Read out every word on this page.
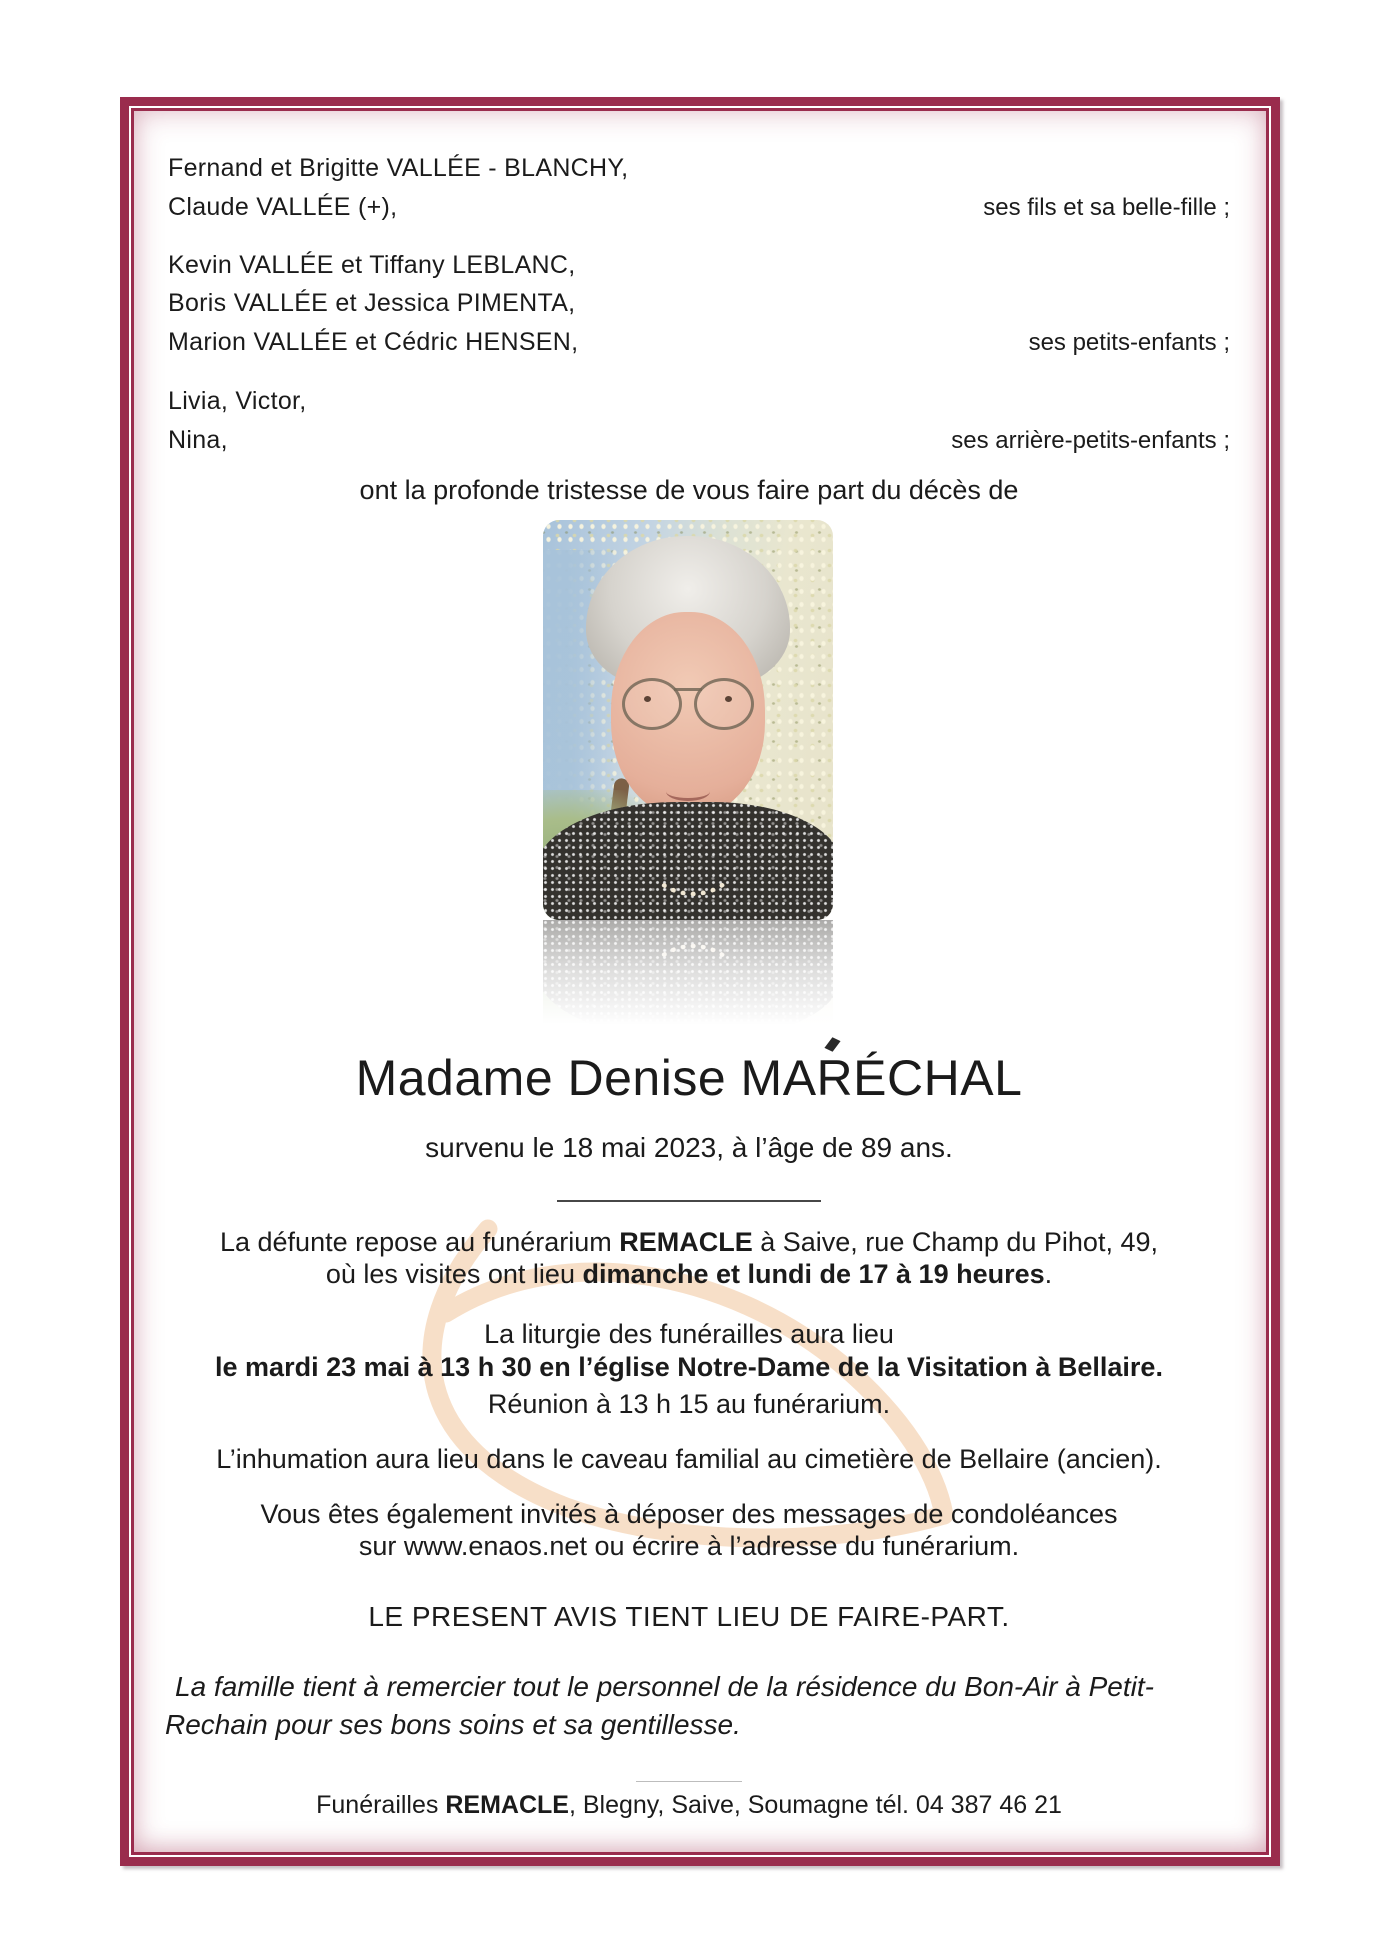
Fernand et Brigitte VALLÉE - BLANCHY,
Claude VALLÉE (+),	ses fils et sa belle-fille ;
Kevin VALLÉE et Tiffany LEBLANC,
Boris VALLÉE et Jessica PIMENTA,
Marion VALLÉE et Cédric HENSEN,	ses petits-enfants ;
Livia, Victor,
Nina,	ses arrière-petits-enfants ;
ont la profonde tristesse de vous faire part du décès de
Madame Denise MARÉCHAL
survenu le 18 mai 2023, à l’âge de 89 ans.
La défunte repose au funérarium REMACLE à Saive, rue Champ du Pihot, 49,
où les visites ont lieu dimanche et lundi de 17 à 19 heures.
La liturgie des funérailles aura lieu
le mardi 23 mai à 13 h 30 en l’église Notre-Dame de la Visitation à Bellaire.
Réunion à 13 h 15 au funérarium.
L’inhumation aura lieu dans le caveau familial au cimetière de Bellaire (ancien).
Vous êtes également invités à déposer des messages de condoléances
sur www.enaos.net ou écrire à l’adresse du funérarium.
LE PRESENT AVIS TIENT LIEU DE FAIRE-PART.
La famille tient à remercier tout le personnel de la résidence du Bon-Air à Petit-
Rechain pour ses bons soins et sa gentillesse.
Funérailles REMACLE, Blegny, Saive, Soumagne tél. 04 387 46 21
